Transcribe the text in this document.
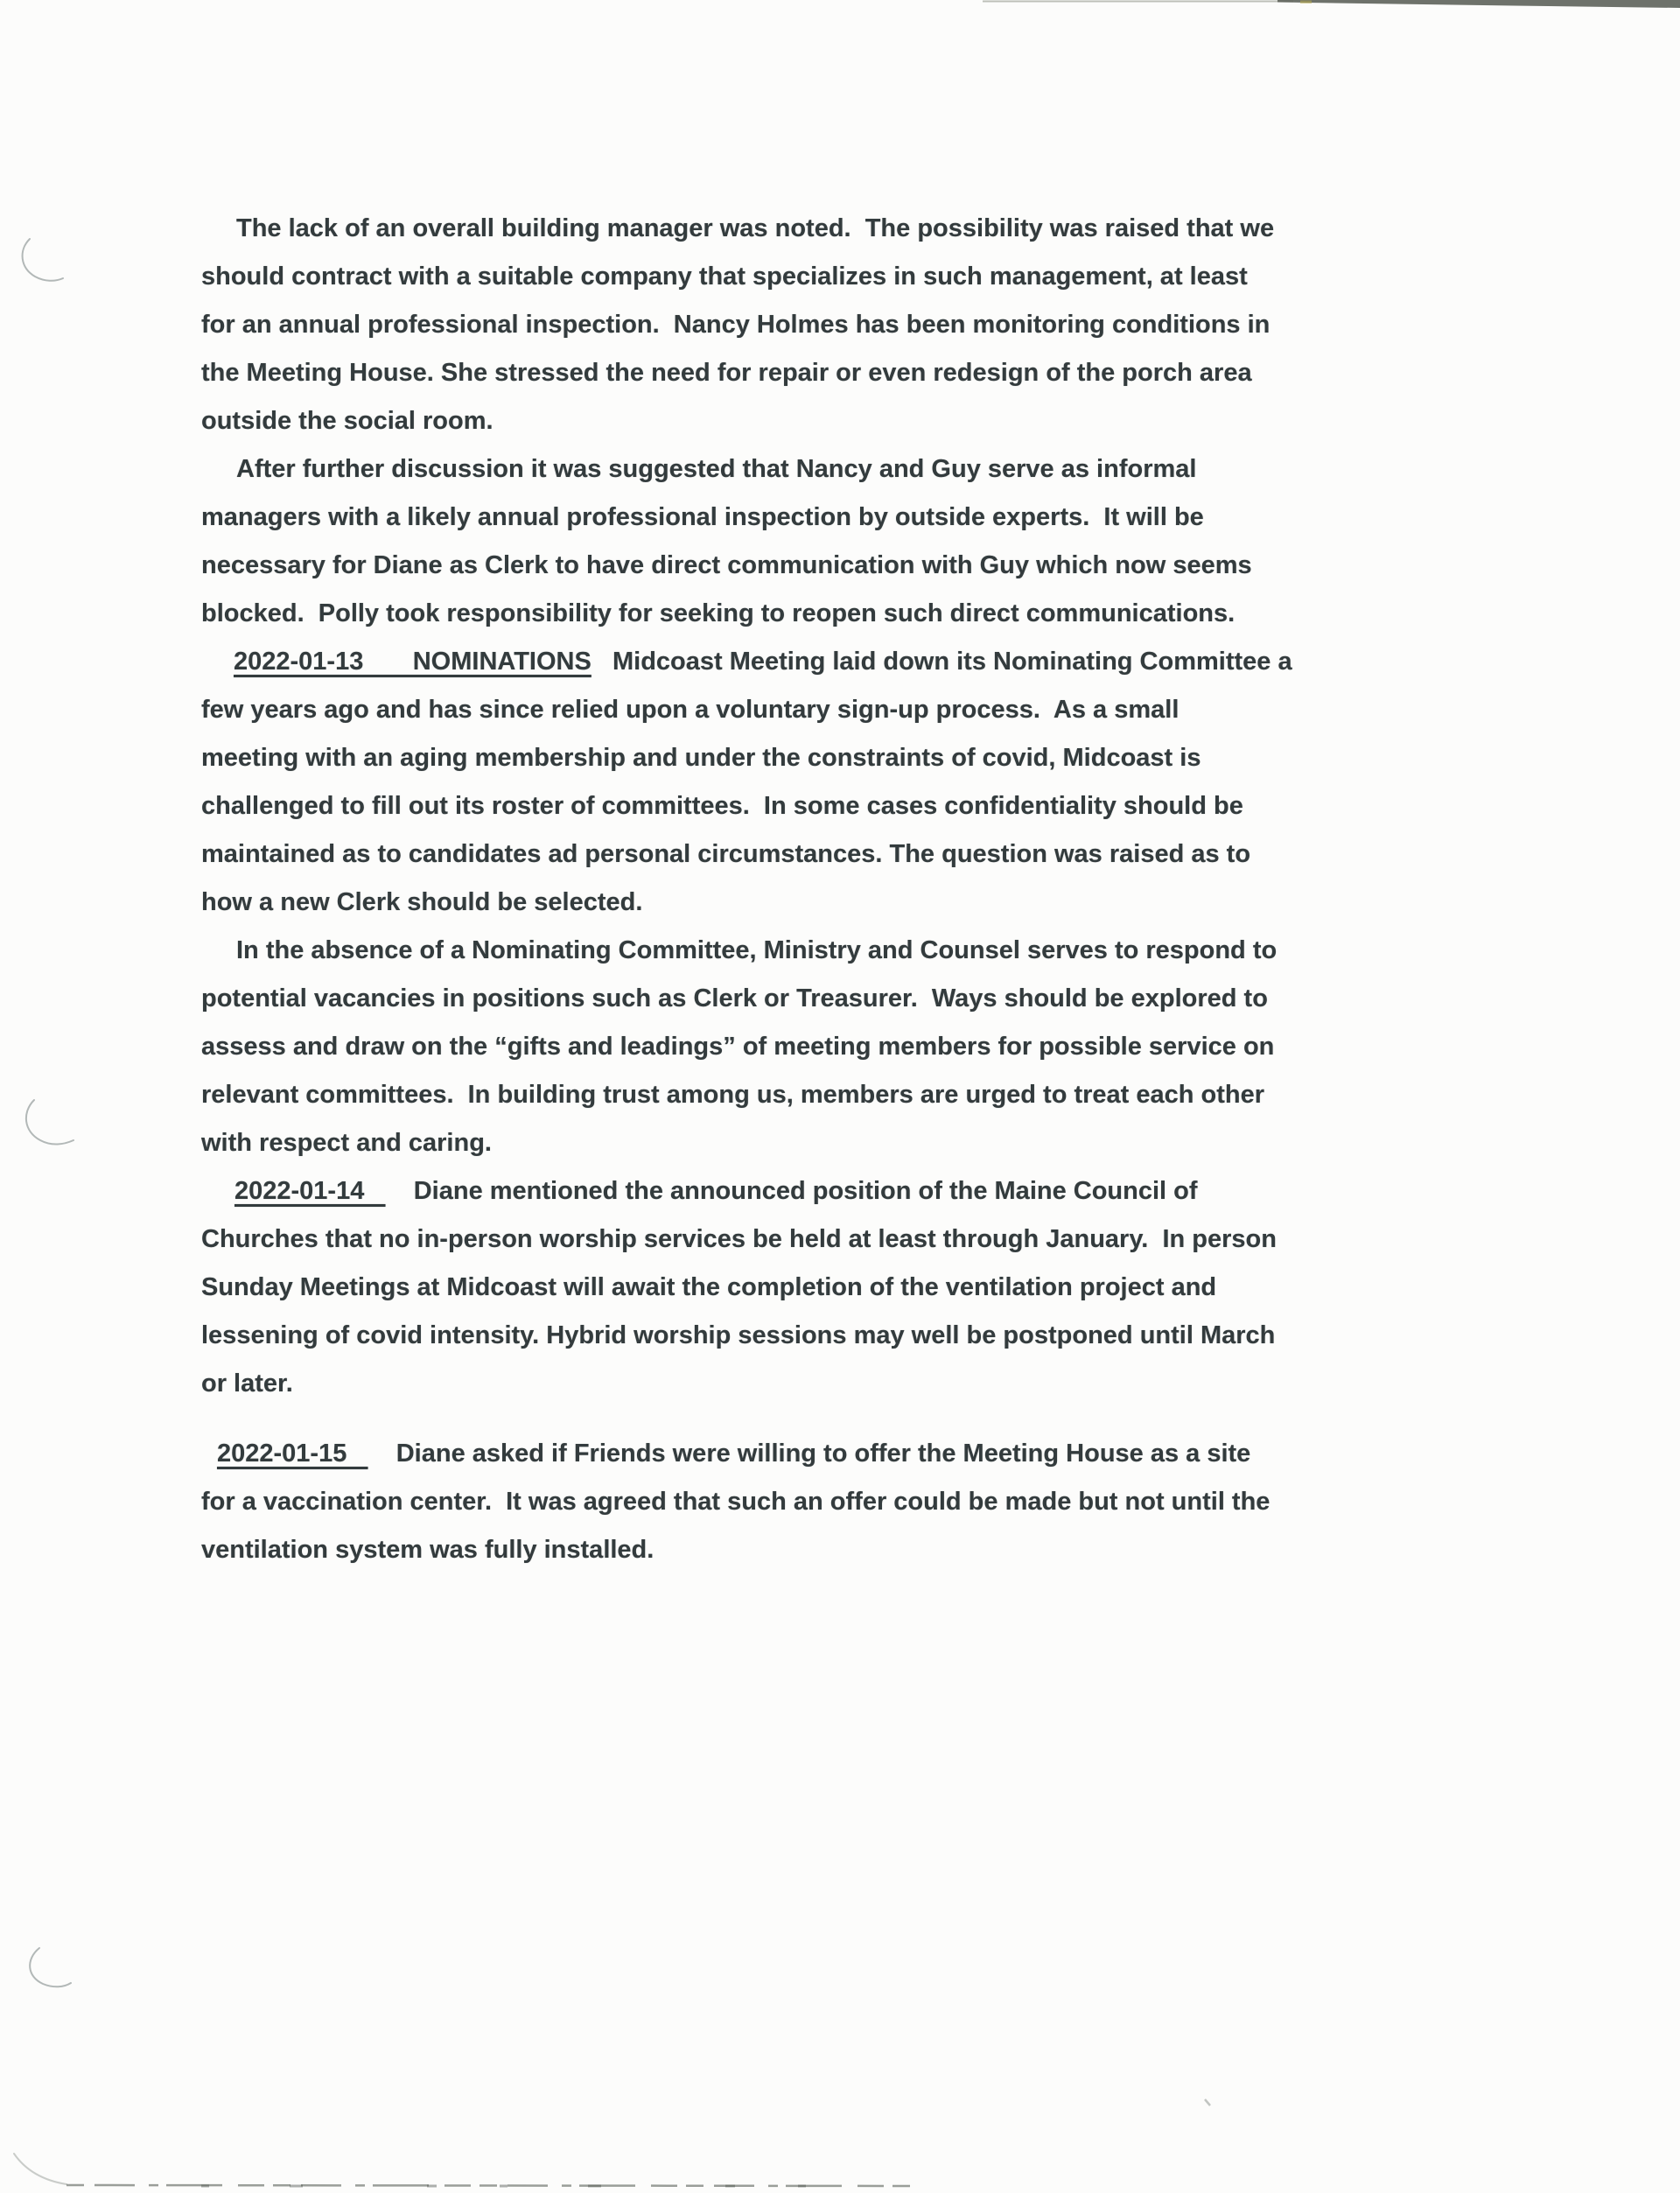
The lack of an overall building manager was noted.  The possibility was raised that we
should contract with a suitable company that specializes in such management, at least
for an annual professional inspection.  Nancy Holmes has been monitoring conditions in
the Meeting House. She stressed the need for repair or even redesign of the porch area
outside the social room.
After further discussion it was suggested that Nancy and Guy serve as informal
managers with a likely annual professional inspection by outside experts.  It will be
necessary for Diane as Clerk to have direct communication with Guy which now seems
blocked.  Polly took responsibility for seeking to reopen such direct communications.
2022-01-13       NOMINATIONS   Midcoast Meeting laid down its Nominating Committee a
few years ago and has since relied upon a voluntary sign-up process.  As a small
meeting with an aging membership and under the constraints of covid, Midcoast is
challenged to fill out its roster of committees.  In some cases confidentiality should be
maintained as to candidates ad personal circumstances. The question was raised as to
how a new Clerk should be selected.
In the absence of a Nominating Committee, Ministry and Counsel serves to respond to
potential vacancies in positions such as Clerk or Treasurer.  Ways should be explored to
assess and draw on the “gifts and leadings” of meeting members for possible service on
relevant committees.  In building trust among us, members are urged to treat each other
with respect and caring.
2022-01-14       Diane mentioned the announced position of the Maine Council of
Churches that no in-person worship services be held at least through January.  In person
Sunday Meetings at Midcoast will await the completion of the ventilation project and
lessening of covid intensity. Hybrid worship sessions may well be postponed until March
or later.
2022-01-15       Diane asked if Friends were willing to offer the Meeting House as a site
for a vaccination center.  It was agreed that such an offer could be made but not until the
ventilation system was fully installed.
